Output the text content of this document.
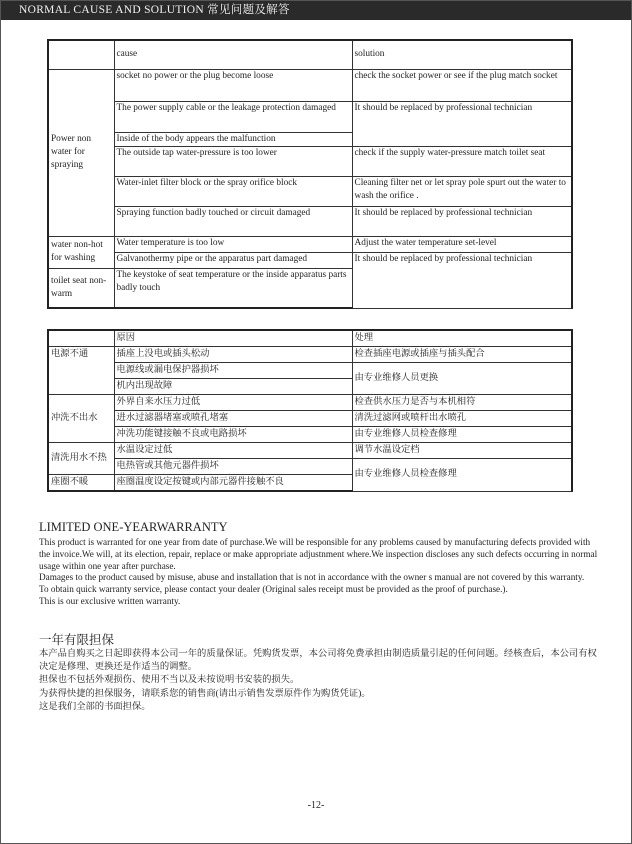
NORMAL CAUSE AND SOLUTION 常见问题及解答
	cause	solution
Power non water for spraying	socket no power or the plug become loose	check the socket power or see if the plug match socket
	The power supply cable or the leakage protection damaged	It should be replaced by professional technician
	Inside of the body appears the malfunction	
	The outside tap water-pressure is too lower	check if the supply water-pressure match toilet seat
	Water-inlet filter block or the spray orifice block	Cleaning filter net or let spray pole spurt out the water to wash the orifice .
	Spraying function badly touched or circuit damaged	It should be replaced by professional technician
water non-hot for washing	Water temperature is too low	Adjust the water temperature set-level
	Galvanothermy pipe or the apparatus part damaged	It should be replaced by professional technician
toilet seat non-warm	The keystoke of seat temperature or the inside apparatus parts badly touch	
	原因	处理
电源不通	插座上没电或插头松动	检查插座电源或插座与插头配合
	电源线或漏电保护器损坏	由专业维修人员更换
	机内出现故障	
冲洗不出水	外界自来水压力过低	检查供水压力是否与本机相符
	进水过滤器堵塞或喷孔堵塞	清洗过滤网或喷杆出水喷孔
	冲洗功能键接触不良或电路损坏	由专业维修人员检查修理
清洗用水不热	水温设定过低	调节水温设定档
	电热管或其他元器件损坏	由专业维修人员检查修理
座圈不暖	座圈温度设定按键或内部元器件接触不良	
LIMITED ONE-YEARWARRANTY

This product is warranted for one year from date of purchase.We will be responsible for any problems caused by manufacturing defects provided with the invoice.We will, at its election, repair, replace or make appropriate adjustnment where.We inspection discloses any such defects occurring in normal usage within one year after purchase.

Damages to the product caused by misuse, abuse and installation that is not in accordance with the owner s manual are not covered by this warranty.

To obtain quick warranty service, please contact your dealer (Original sales receipt must be provided as the proof of purchase.).

This is our exclusive written warranty.

一年有限担保

本产品自购买之日起即获得本公司一年的质量保证。凭购货发票，本公司将免费承担由制造质量引起的任何问题。经核查后，本公司有权决定是修理、更换还是作适当的调整。

担保也不包括外观损伤、使用不当以及未按说明书安装的损失。

为获得快捷的担保服务，请联系您的销售商(请出示销售发票原件作为购货凭证)。

这是我们全部的书面担保。

-12-
